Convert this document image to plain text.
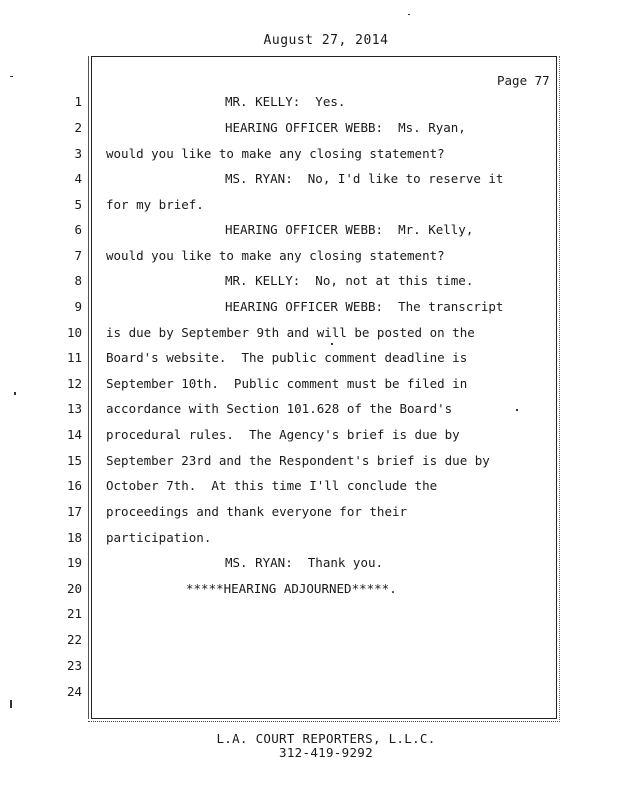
August 27, 2014
Page 77
1
2
3
4
5
6
7
8
9
10
11
12
13
14
15
16
17
18
19
20
21
22
23
24
MR. KELLY:  Yes.
HEARING OFFICER WEBB:  Ms. Ryan,
would you like to make any closing statement?
MS. RYAN:  No, I'd like to reserve it
for my brief.
HEARING OFFICER WEBB:  Mr. Kelly,
would you like to make any closing statement?
MR. KELLY:  No, not at this time.
HEARING OFFICER WEBB:  The transcript
is due by September 9th and will be posted on the
Board's website.  The public comment deadline is
September 10th.  Public comment must be filed in
accordance with Section 101.628 of the Board's
procedural rules.  The Agency's brief is due by
September 23rd and the Respondent's brief is due by
October 7th.  At this time I'll conclude the
proceedings and thank everyone for their
participation.
MS. RYAN:  Thank you.
*****HEARING ADJOURNED*****.
L.A. COURT REPORTERS, L.L.C.
312-419-9292
